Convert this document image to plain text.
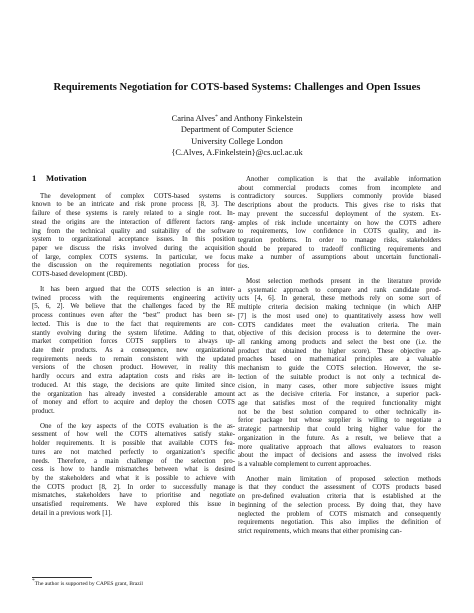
Requirements Negotiation for COTS-based Systems: Challenges and Open Issues
Carina Alves* and Anthony Finkelstein
Department of Computer Science
University College London
{C.Alves, A.Finkelstein}@cs.ucl.ac.uk
1 Motivation
The development of complex COTS-based systems is
known to be an intricate and risk prone process [8, 3]. The
failure of these systems is rarely related to a single root. In-
stead the origins are the interaction of different factors rang-
ing from the technical quality and suitability of the software
system to organizational acceptance issues. In this position
paper we discuss the risks involved during the acquisition
of large, complex COTS systems. In particular, we focus
the discussion on the requirements negotiation process for
COTS-based development (CBD).
It has been argued that the COTS selection is an inter-
twined process with the requirements engineering activity
[5, 6, 2]. We believe that the challenges faced by the RE
process continues even after the “best” product has been se-
lected. This is due to the fact that requirements are con-
stantly evolving during the system lifetime. Adding to that,
market competition forces COTS suppliers to always up-
date their products. As a consequence, new organizational
requirements needs to remain consistent with the updated
versions of the chosen product. However, in reality this
hardly occurs and extra adaptation costs and risks are in-
troduced. At this stage, the decisions are quite limited since
the organization has already invested a considerable amount
of money and effort to acquire and deploy the chosen COTS
product.
One of the key aspects of the COTS evaluation is the as-
sessment of how well the COTS alternatives satisfy stake-
holder requirements. It is possible that available COTS fea-
tures are not matched perfectly to organization’s specific
needs. Therefore, a main challenge of the selection pro-
cess is how to handle mismatches between what is desired
by the stakeholders and what it is possible to achieve with
the COTS product [8, 2]. In order to successfully manage
mismatches, stakeholders have to prioritise and negotiate
unsatisfied requirements. We have explored this issue in
detail in a previous work [1].
Another complication is that the available information
about commercial products comes from incomplete and
contradictory sources. Suppliers commonly provide biased
descriptions about the products. This gives rise to risks that
may prevent the successful deployment of the system. Ex-
amples of risk include uncertainty on how the COTS adhere
to requirements, low confidence in COTS quality, and in-
tegration problems. In order to manage risks, stakeholders
should be prepared to tradeoff conflicting requirements and
make a number of assumptions about uncertain functionali-
ties.
Most selection methods present in the literature provide
a systematic approach to compare and rank candidate prod-
ucts [4, 6]. In general, these methods rely on some sort of
multiple criteria decision making technique (in which AHP
[7] is the most used one) to quantitatively assess how well
COTS candidates meet the evaluation criteria. The main
objective of this decision process is to determine the over-
all ranking among products and select the best one (i.e. the
product that obtained the higher score). These objective ap-
proaches based on mathematical principles are a valuable
mechanism to guide the COTS selection. However, the se-
lection of the suitable product is not only a technical de-
cision, in many cases, other more subjective issues might
act as the decisive criteria. For instance, a superior pack-
age that satisfies most of the required functionality might
not be the best solution compared to other technically in-
ferior package but whose supplier is willing to negotiate a
strategic partnership that could bring higher value for the
organization in the future. As a result, we believe that a
more qualitative approach that allows evaluators to reason
about the impact of decisions and assess the involved risks
is a valuable complement to current approaches.
Another main limitation of proposed selection methods
is that they conduct the assessment of COTS products based
on pre-defined evaluation criteria that is established at the
beginning of the selection process. By doing that, they have
neglected the problem of COTS mismatch and consequently
requirements negotiation. This also implies the definition of
strict requirements, which means that either promising can-
*The author is supported by CAPES grant, Brazil
